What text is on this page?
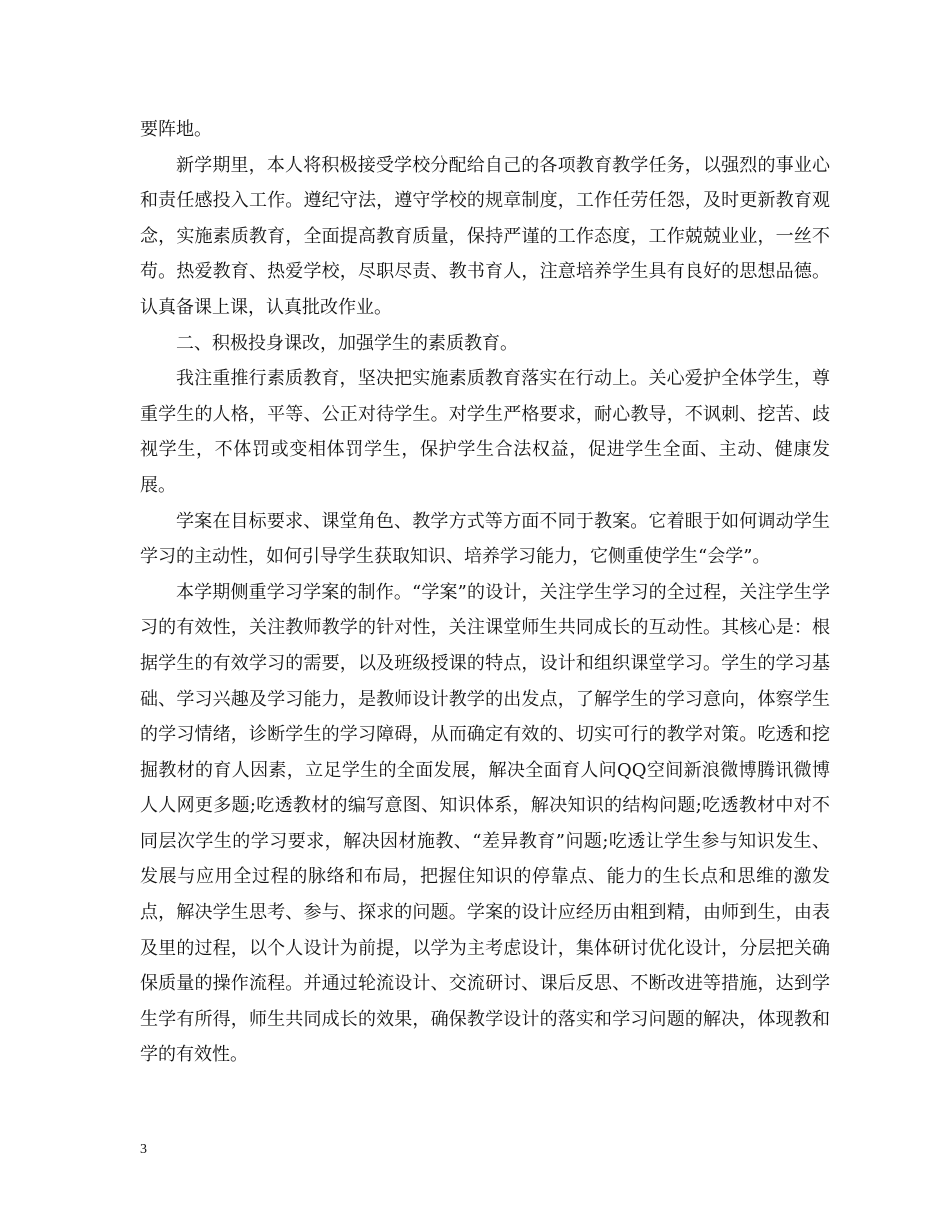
要阵地。

新学期里，本人将积极接受学校分配给自己的各项教育教学任务，以强烈的事业心和责任感投入工作。遵纪守法，遵守学校的规章制度，工作任劳任怨，及时更新教育观念，实施素质教育，全面提高教育质量，保持严谨的工作态度，工作兢兢业业，一丝不苟。热爱教育、热爱学校，尽职尽责、教书育人，注意培养学生具有良好的思想品德。认真备课上课，认真批改作业。

二、积极投身课改，加强学生的素质教育。

我注重推行素质教育，坚决把实施素质教育落实在行动上。关心爱护全体学生，尊重学生的人格，平等、公正对待学生。对学生严格要求，耐心教导，不讽刺、挖苦、歧视学生，不体罚或变相体罚学生，保护学生合法权益，促进学生全面、主动、健康发展。

学案在目标要求、课堂角色、教学方式等方面不同于教案。它着眼于如何调动学生学习的主动性，如何引导学生获取知识、培养学习能力，它侧重使学生“会学”。

本学期侧重学习学案的制作。“学案”的设计，关注学生学习的全过程，关注学生学习的有效性，关注教师教学的针对性，关注课堂师生共同成长的互动性。其核心是：根据学生的有效学习的需要，以及班级授课的特点，设计和组织课堂学习。学生的学习基础、学习兴趣及学习能力，是教师设计教学的出发点，了解学生的学习意向，体察学生的学习情绪，诊断学生的学习障碍，从而确定有效的、切实可行的教学对策。吃透和挖掘教材的育人因素，立足学生的全面发展，解决全面育人问QQ空间新浪微博腾讯微博人人网更多题;吃透教材的编写意图、知识体系，解决知识的结构问题;吃透教材中对不同层次学生的学习要求，解决因材施教、“差异教育”问题;吃透让学生参与知识发生、发展与应用全过程的脉络和布局，把握住知识的停靠点、能力的生长点和思维的激发点，解决学生思考、参与、探求的问题。学案的设计应经历由粗到精，由师到生，由表及里的过程，以个人设计为前提，以学为主考虑设计，集体研讨优化设计，分层把关确保质量的操作流程。并通过轮流设计、交流研讨、课后反思、不断改进等措施，达到学生学有所得，师生共同成长的效果，确保教学设计的落实和学习问题的解决，体现教和学的有效性。

3
